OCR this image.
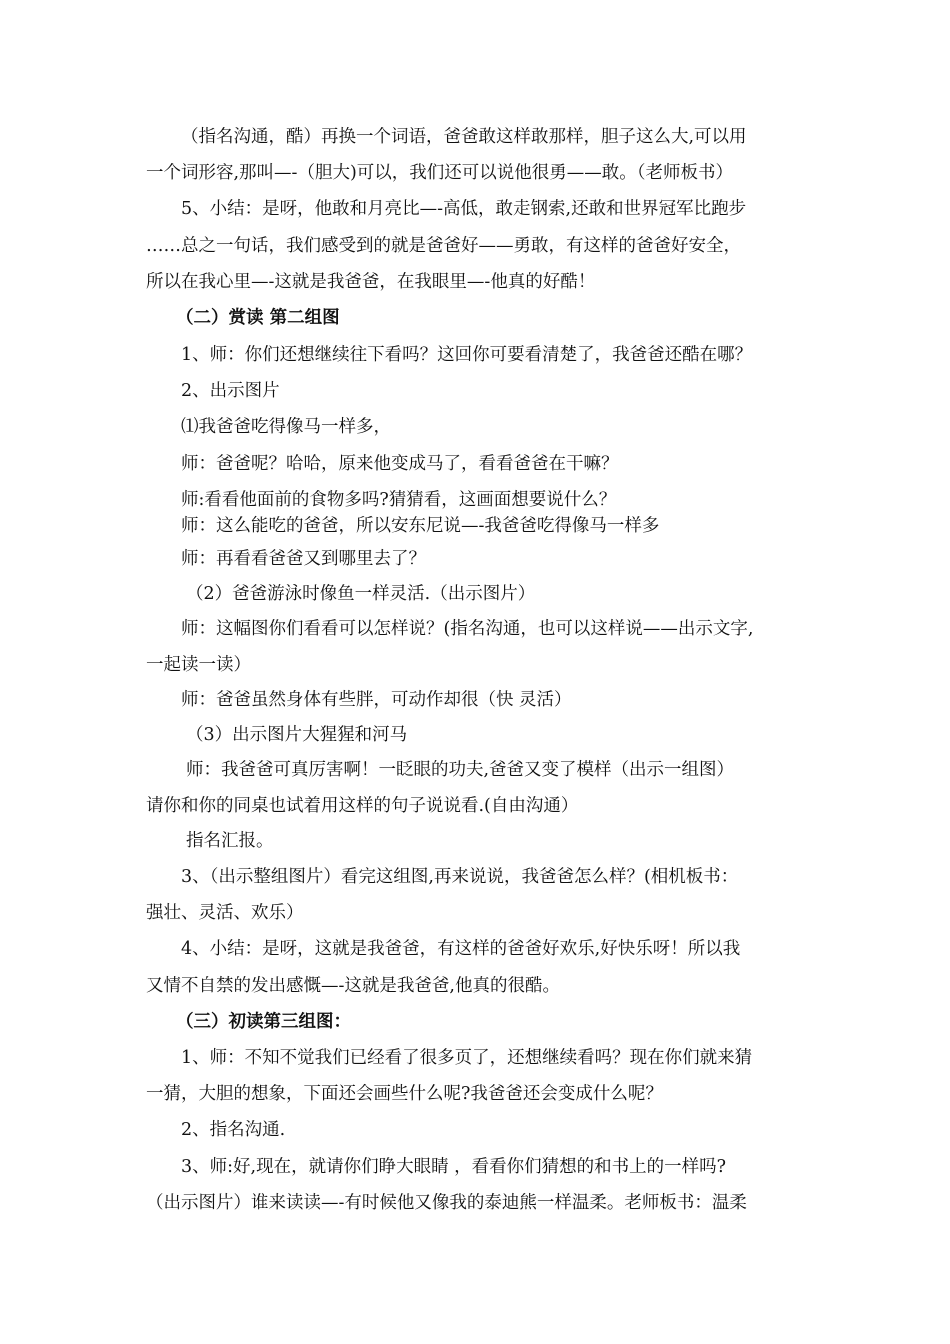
（指名沟通，酷）再换一个词语，爸爸敢这样敢那样，胆子这么大,可以用

一个词形容,那叫—-（胆大)可以，我们还可以说他很勇——敢。（老师板书）

5、小结：是呀，他敢和月亮比—-高低，敢走钢索,还敢和世界冠军比跑步

……总之一句话，我们感受到的就是爸爸好——勇敢，有这样的爸爸好安全，

所以在我心里—-这就是我爸爸，在我眼里—-他真的好酷！

（二）赏读 第二组图

1、师：你们还想继续往下看吗？这回你可要看清楚了，我爸爸还酷在哪？

2、出示图片

⑴我爸爸吃得像马一样多，

师：爸爸呢？哈哈，原来他变成马了，看看爸爸在干嘛？

师:看看他面前的食物多吗?猜猜看，这画面想要说什么？

师：这么能吃的爸爸，所以安东尼说—-我爸爸吃得像马一样多

师：再看看爸爸又到哪里去了？

（2）爸爸游泳时像鱼一样灵活.（出示图片）

师：这幅图你们看看可以怎样说？(指名沟通，也可以这样说——出示文字,

一起读一读）

师：爸爸虽然身体有些胖，可动作却很（快 灵活）

（3）出示图片大猩猩和河马

师：我爸爸可真厉害啊！一眨眼的功夫,爸爸又变了模样（出示一组图）

请你和你的同桌也试着用这样的句子说说看.(自由沟通）

指名汇报。

3、（出示整组图片）看完这组图,再来说说，我爸爸怎么样？(相机板书：

强壮、灵活、欢乐）

4、小结：是呀，这就是我爸爸，有这样的爸爸好欢乐,好快乐呀！所以我

又情不自禁的发出感慨—-这就是我爸爸,他真的很酷。

（三）初读第三组图：

1、师：不知不觉我们已经看了很多页了，还想继续看吗？现在你们就来猜

一猜，大胆的想象，下面还会画些什么呢?我爸爸还会变成什么呢？

2、指名沟通.

3、师:好,现在，就请你们睁大眼睛 ，看看你们猜想的和书上的一样吗?

（出示图片）谁来读读—-有时候他又像我的泰迪熊一样温柔。老师板书：温柔
